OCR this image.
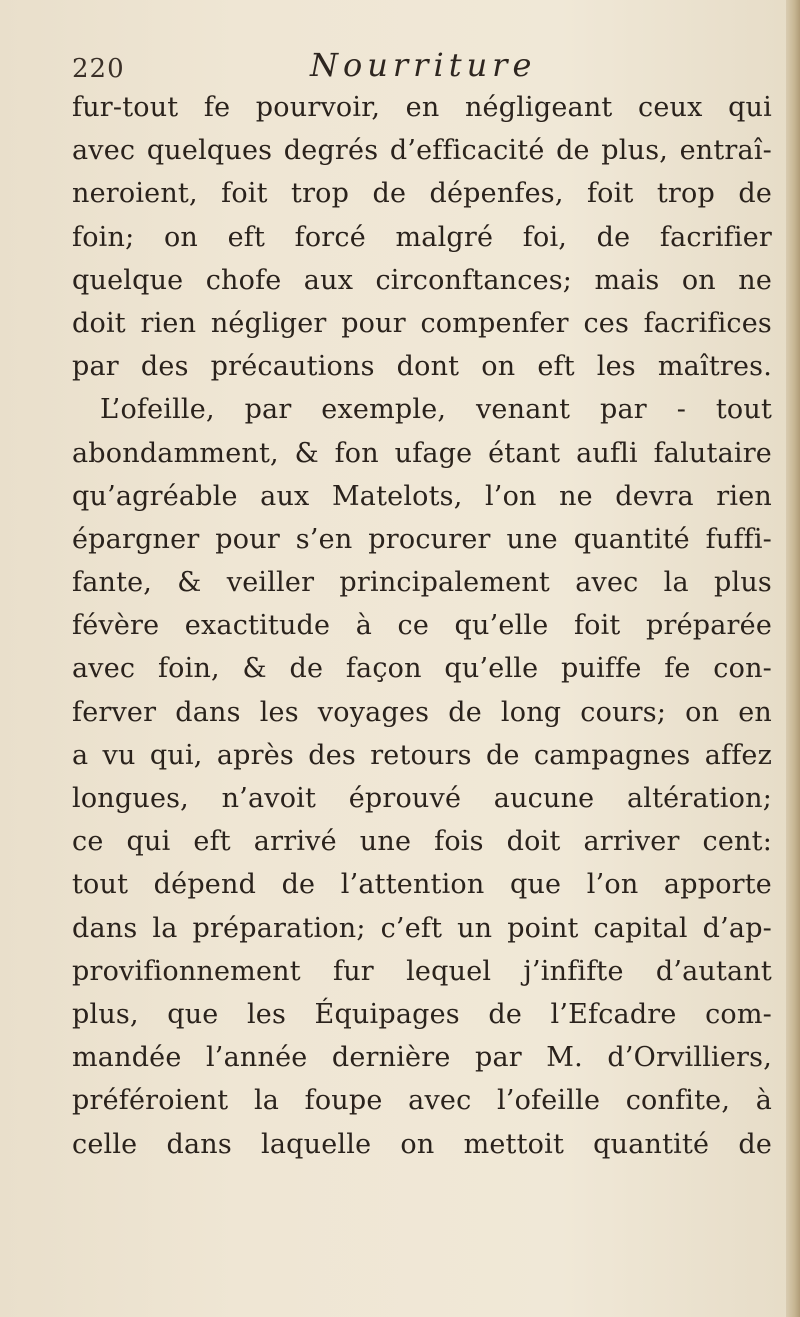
220	Nourriture
fur-tout fe pourvoir, en négligeant ceux qui
avec quelques degrés d’efficacité de plus, entraî-
neroient, foit trop de dépenfes, foit trop de
foin; on eft forcé malgré foi, de facrifier
quelque chofe aux circonftances; mais on ne
doit rien négliger pour compenfer ces facrifices
par des précautions dont on eft les maîtres.
L’ofeille, par exemple, venant par - tout
abondamment, & fon ufage étant aufli falutaire
qu’agréable aux Matelots, l’on ne devra rien
épargner pour s’en procurer une quantité fuffi-
fante, & veiller principalement avec la plus
févère exactitude à ce qu’elle foit préparée
avec foin, & de façon qu’elle puiffe fe con-
ferver dans les voyages de long cours; on en
a vu qui, après des retours de campagnes affez
longues, n’avoit éprouvé aucune altération;
ce qui eft arrivé une fois doit arriver cent:
tout dépend de l’attention que l’on apporte
dans la préparation; c’eft un point capital d’ap-
provifionnement fur lequel j’infifte d’autant
plus, que les Équipages de l’Efcadre com-
mandée l’année dernière par M. d’Orvilliers,
préféroient la foupe avec l’ofeille confite, à
celle dans laquelle on mettoit quantité de
